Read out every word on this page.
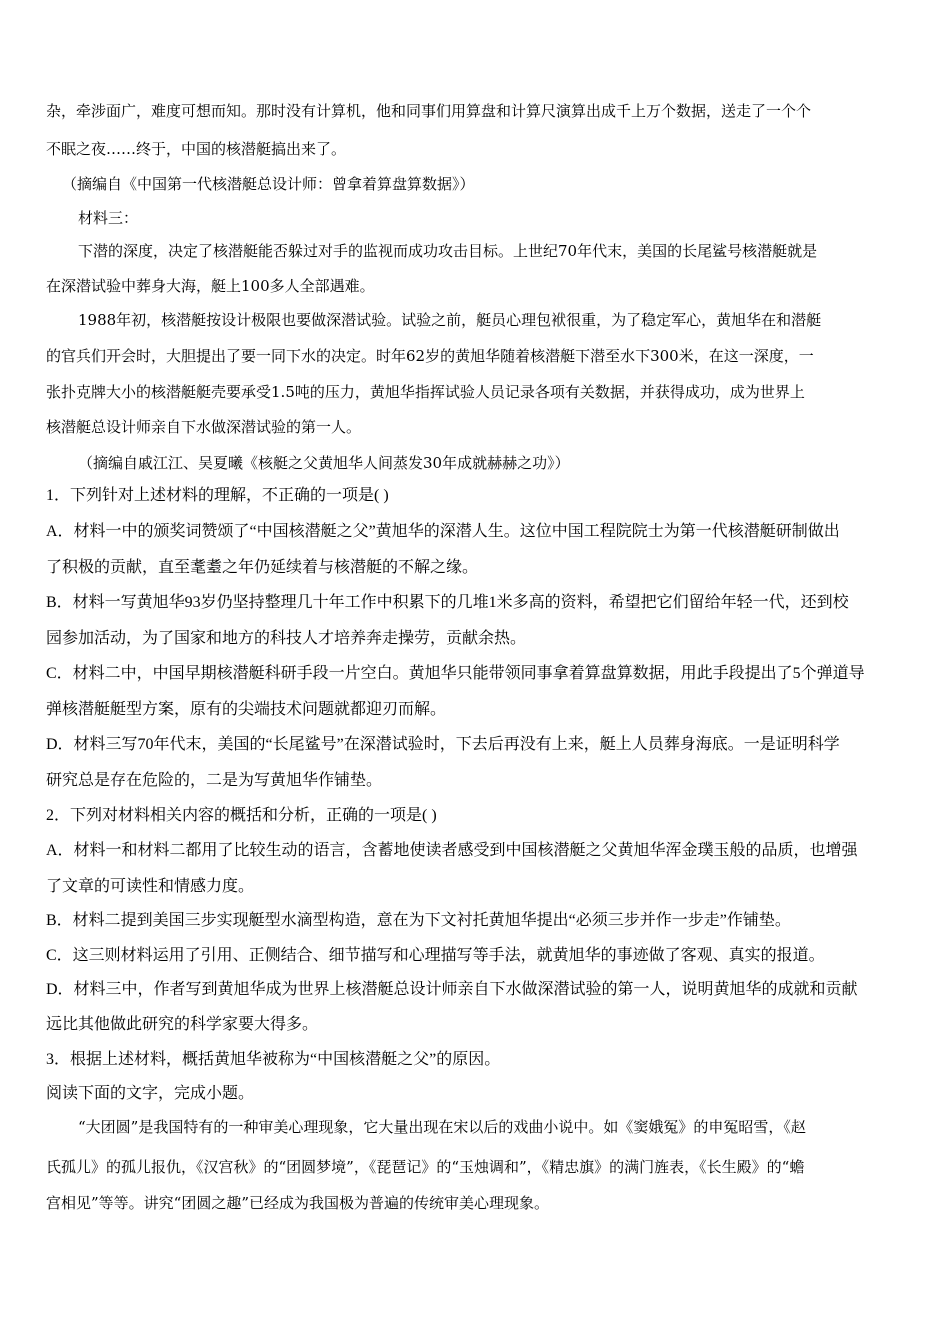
杂，牵涉面广，难度可想而知。那时没有计算机，他和同事们用算盘和计算尺演算出成千上万个数据，送走了一个个
不眠之夜……终于，中国的核潜艇搞出来了。
（摘编自《中国第一代核潜艇总设计师：曾拿着算盘算数据》）
材料三：
下潜的深度，决定了核潜艇能否躲过对手的监视而成功攻击目标。上世纪70年代末，美国的长尾鲨号核潜艇就是
在深潜试验中葬身大海，艇上100多人全部遇难。
1988年初，核潜艇按设计极限也要做深潜试验。试验之前，艇员心理包袱很重，为了稳定军心，黄旭华在和潜艇
的官兵们开会时，大胆提出了要一同下水的决定。时年62岁的黄旭华随着核潜艇下潜至水下300米，在这一深度，一
张扑克牌大小的核潜艇艇壳要承受1.5吨的压力，黄旭华指挥试验人员记录各项有关数据，并获得成功，成为世界上
核潜艇总设计师亲自下水做深潜试验的第一人。
（摘编自戚江江、吴夏曦《核艇之父黄旭华人间蒸发30年成就赫赫之功》）
1．下列针对上述材料的理解，不正确的一项是( )
A．材料一中的颁奖词赞颂了“中国核潜艇之父”黄旭华的深潜人生。这位中国工程院院士为第一代核潜艇研制做出
了积极的贡献，直至耄耋之年仍延续着与核潜艇的不解之缘。
B．材料一写黄旭华93岁仍坚持整理几十年工作中积累下的几堆1米多高的资料，希望把它们留给年轻一代，还到校
园参加活动，为了国家和地方的科技人才培养奔走操劳，贡献余热。
C．材料二中，中国早期核潜艇科研手段一片空白。黄旭华只能带领同事拿着算盘算数据，用此手段提出了5个弹道导
弹核潜艇艇型方案，原有的尖端技术问题就都迎刃而解。
D．材料三写70年代末，美国的“长尾鲨号”在深潜试验时，下去后再没有上来，艇上人员葬身海底。一是证明科学
研究总是存在危险的，二是为写黄旭华作铺垫。
2．下列对材料相关内容的概括和分析，正确的一项是( )
A．材料一和材料二都用了比较生动的语言，含蓄地使读者感受到中国核潜艇之父黄旭华浑金璞玉般的品质，也增强
了文章的可读性和情感力度。
B．材料二提到美国三步实现艇型水滴型构造，意在为下文衬托黄旭华提出“必须三步并作一步走”作铺垫。
C．这三则材料运用了引用、正侧结合、细节描写和心理描写等手法，就黄旭华的事迹做了客观、真实的报道。
D．材料三中，作者写到黄旭华成为世界上核潜艇总设计师亲自下水做深潜试验的第一人，说明黄旭华的成就和贡献
远比其他做此研究的科学家要大得多。
3．根据上述材料，概括黄旭华被称为“中国核潜艇之父”的原因。
阅读下面的文字，完成小题。
“大团圆”是我国特有的一种审美心理现象，它大量出现在宋以后的戏曲小说中。如《窦娥冤》的申冤昭雪，《赵
氏孤儿》的孤儿报仇，《汉宫秋》的“团圆梦境”，《琵琶记》的“玉烛调和”，《精忠旗》的满门旌表，《长生殿》的“蟾
宫相见”等等。讲究“团圆之趣”已经成为我国极为普遍的传统审美心理现象。
